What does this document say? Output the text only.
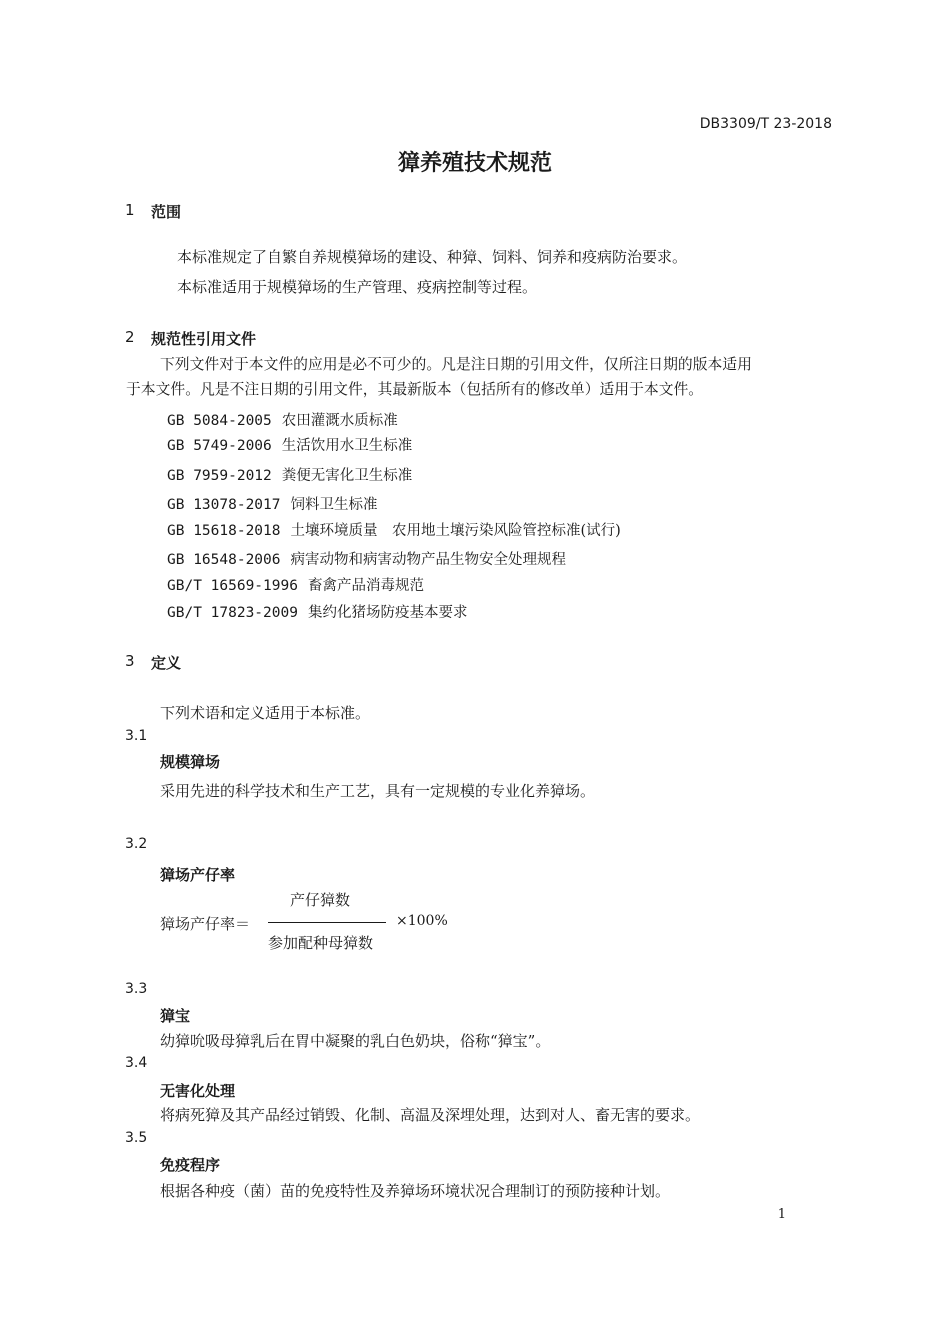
DB3309/T 23-2018
獐养殖技术规范
1 范围
本标准规定了自繁自养规模獐场的建设、种獐、饲料、饲养和疫病防治要求。
本标准适用于规模獐场的生产管理、疫病控制等过程。
2 规范性引用文件
下列文件对于本文件的应用是必不可少的。凡是注日期的引用文件，仅所注日期的版本适用
于本文件。凡是不注日期的引用文件，其最新版本（包括所有的修改单）适用于本文件。
GB 5084-2005 农田灌溉水质标准
GB 5749-2006 生活饮用水卫生标准
GB 7959-2012 粪便无害化卫生标准
GB 13078-2017 饲料卫生标准
GB 15618-2018 土壤环境质量　农用地土壤污染风险管控标准(试行)
GB 16548-2006 病害动物和病害动物产品生物安全处理规程
GB/T 16569-1996 畜禽产品消毒规范
GB/T 17823-2009 集约化猪场防疫基本要求
3 定义
下列术语和定义适用于本标准。
3.1
规模獐场
采用先进的科学技术和生产工艺，具有一定规模的专业化养獐场。
3.2
獐场产仔率
獐场产仔率＝
产仔獐数
参加配种母獐数
×100%
3.3
獐宝
幼獐吮吸母獐乳后在胃中凝聚的乳白色奶块，俗称“獐宝”。
3.4
无害化处理
将病死獐及其产品经过销毁、化制、高温及深埋处理，达到对人、畜无害的要求。
3.5
免疫程序
根据各种疫（菌）苗的免疫特性及养獐场环境状况合理制订的预防接种计划。
1
